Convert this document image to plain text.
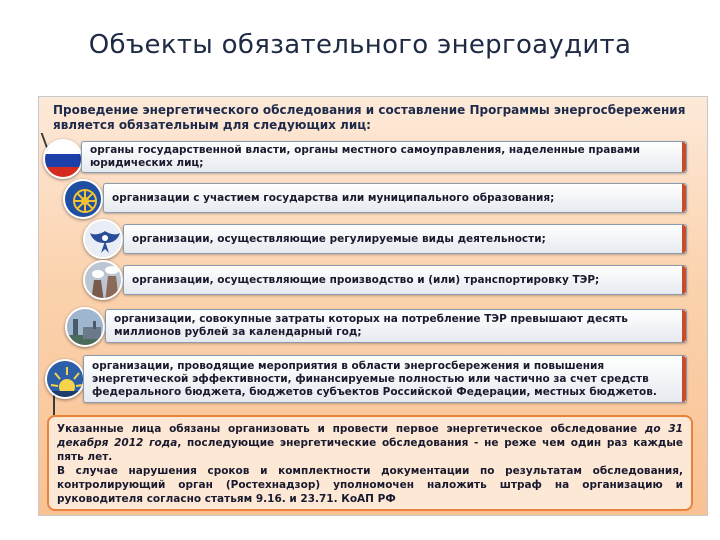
Объекты обязательного энергоаудита
Проведение энергетического обследования и составление Программы энергосбережения является обязательным для следующих лиц:
органы государственной власти, органы местного самоуправления, наделенные правами юридических лиц;
организации с участием государства или муниципального образования;
организации, осуществляющие регулируемые виды деятельности;
организации, осуществляющие производство и (или) транспортировку ТЭР;
организации, совокупные затраты которых на потребление ТЭР превышают десять миллионов рублей за календарный год;
организации, проводящие мероприятия в области энергосбережения и повышения энергетической эффективности, финансируемые полностью или частично за счет средств федерального бюджета, бюджетов субъектов Российской Федерации, местных бюджетов.
Указанные лица обязаны организовать и провести первое энергетическое обследование до 31 декабря 2012 года, последующие энергетические обследования - не реже чем один раз каждые пять лет.
В случае нарушения сроков и комплектности документации по результатам обследования, контролирующий орган (Ростехнадзор) уполномочен наложить штраф на организацию и руководителя согласно статьям 9.16. и 23.71. КоАП РФ
